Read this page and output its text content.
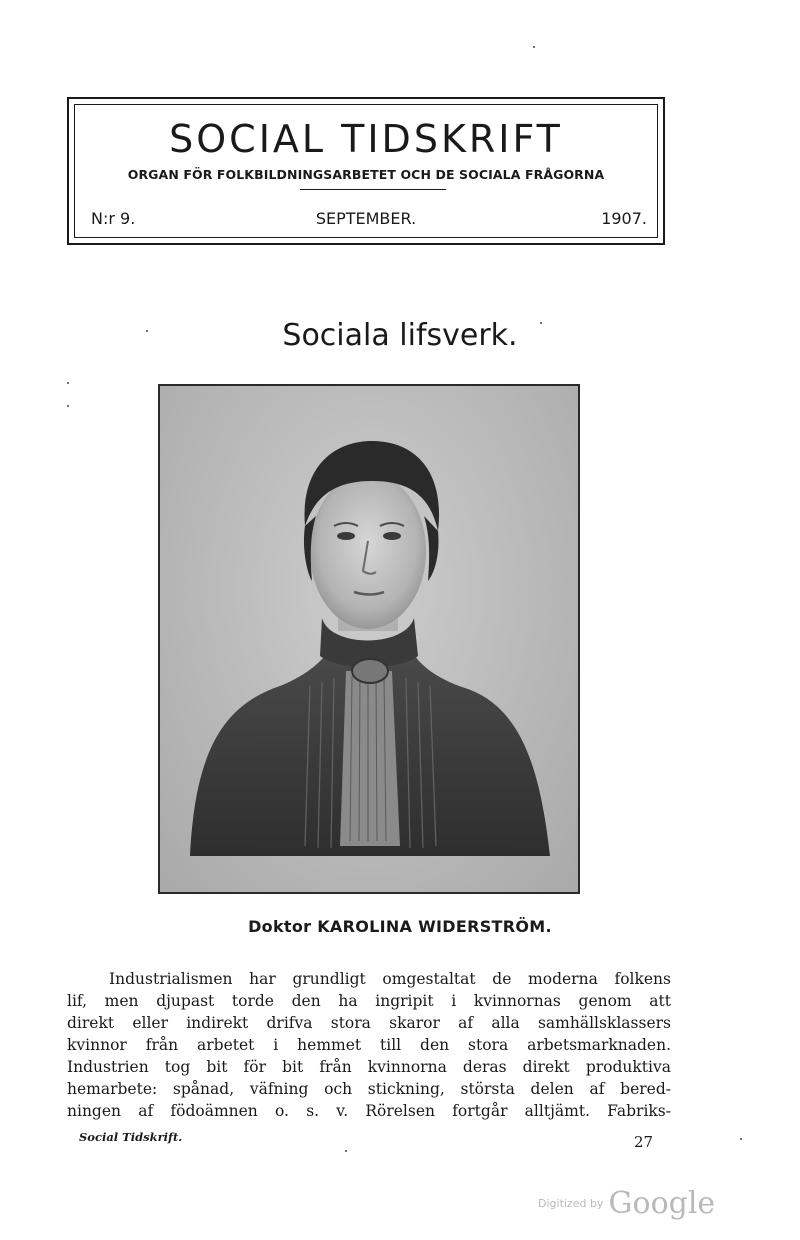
SOCIAL TIDSKRIFT
ORGAN FÖR FOLKBILDNINGSARBETET OCH DE SOCIALA FRÅGORNA
N:r 9.	SEPTEMBER.	1907.
Sociala lifsverk.
Doktor KAROLINA WIDERSTRÖM.
Industrialismen har grundligt omgestaltat de moderna folkens
lif, men djupast torde den ha ingripit i kvinnornas genom att
direkt eller indirekt drifva stora skaror af alla samhällsklassers
kvinnor från arbetet i hemmet till den stora arbetsmarknaden.
Industrien tog bit för bit från kvinnorna deras direkt produktiva
hemarbete: spånad, väfning och stickning, största delen af bered-
ningen af födoämnen o. s. v. Rörelsen fortgår alltjämt. Fabriks-
Social Tidskrift.	27
Digitized by Google
